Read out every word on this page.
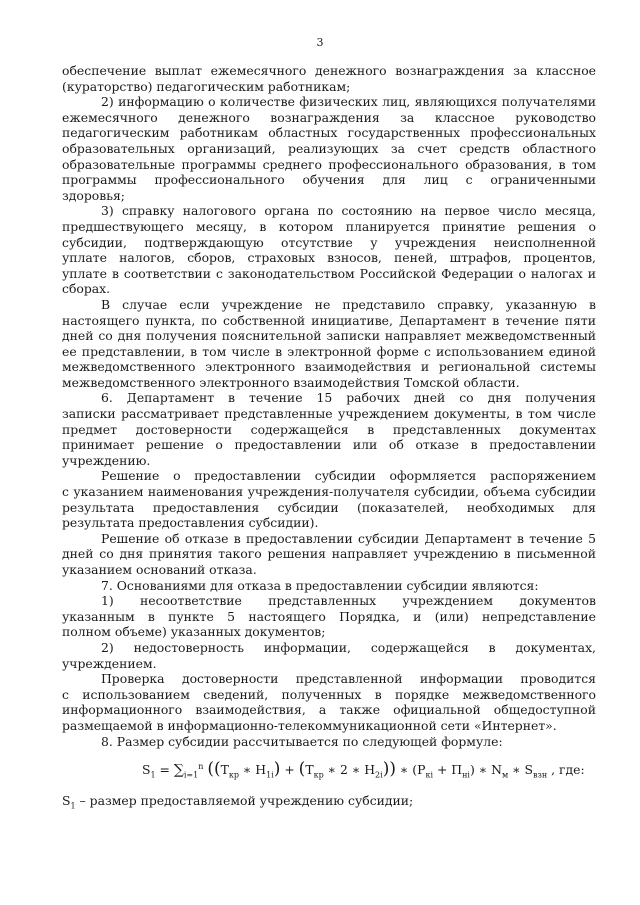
3

обеспечение выплат ежемесячного денежного вознаграждения за классное

(кураторство) педагогическим работникам;

2) информацию о количестве физических лиц, являющихся получателями

ежемесячного денежного вознаграждения за классное руководство

педагогическим работникам областных государственных профессиональных

образовательных организаций, реализующих за счет средств областного

образовательные программы среднего профессионального образования, в том

программы профессионального обучения для лиц с ограниченными

здоровья;

3) справку налогового органа по состоянию на первое число месяца,

предшествующего месяцу, в котором планируется принятие решения о

субсидии, подтверждающую отсутствие у учреждения неисполненной

уплате налогов, сборов, страховых взносов, пеней, штрафов, процентов,

уплате в соответствии с законодательством Российской Федерации о налогах и сборах.

В случае если учреждение не представило справку, указанную в

настоящего пункта, по собственной инициативе, Департамент в течение пяти

дней со дня получения пояснительной записки направляет межведомственный

ее представлении, в том числе в электронной форме с использованием единой

межведомственного электронного взаимодействия и региональной системы

межведомственного электронного взаимодействия Томской области.

6. Департамент в течение 15 рабочих дней со дня получения

записки рассматривает представленные учреждением документы, в том числе

предмет достоверности содержащейся в представленных документах

принимает решение о предоставлении или об отказе в предоставлении

учреждению.

Решение о предоставлении субсидии оформляется распоряжением

с указанием наименования учреждения-получателя субсидии, объема субсидии

результата предоставления субсидии (показателей, необходимых для

результата предоставления субсидии).

Решение об отказе в предоставлении субсидии Департамент в течение 5

дней со дня принятия такого решения направляет учреждению в письменной

указанием оснований отказа.

7. Основаниями для отказа в предоставлении субсидии являются:

1) несоответствие представленных учреждением документов

указанным в пункте 5 настоящего Порядка, и (или) непредставление

полном объеме) указанных документов;

2) недостоверность информации, содержащейся в документах,

учреждением.

Проверка достоверности представленной информации проводится

с использованием сведений, полученных в порядке межведомственного

информационного взаимодействия, а также официальной общедоступной

размещаемой в информационно-телекоммуникационной сети «Интернет».

8. Размер субсидии рассчитывается по следующей формуле:

$S_1 = \sum_{i=1}^n$ (($T_{кр}$ ∗ $H_{1i}) + (T_{кр}$ ∗ 2 ∗ $H_{2i}$)) ∗ $(P_{кi} + П_{нi})$ ∗ $N_м$ ∗ $S_{взн}$ , где:

$S_1$ – размер предоставляемой учреждению субсидии;
